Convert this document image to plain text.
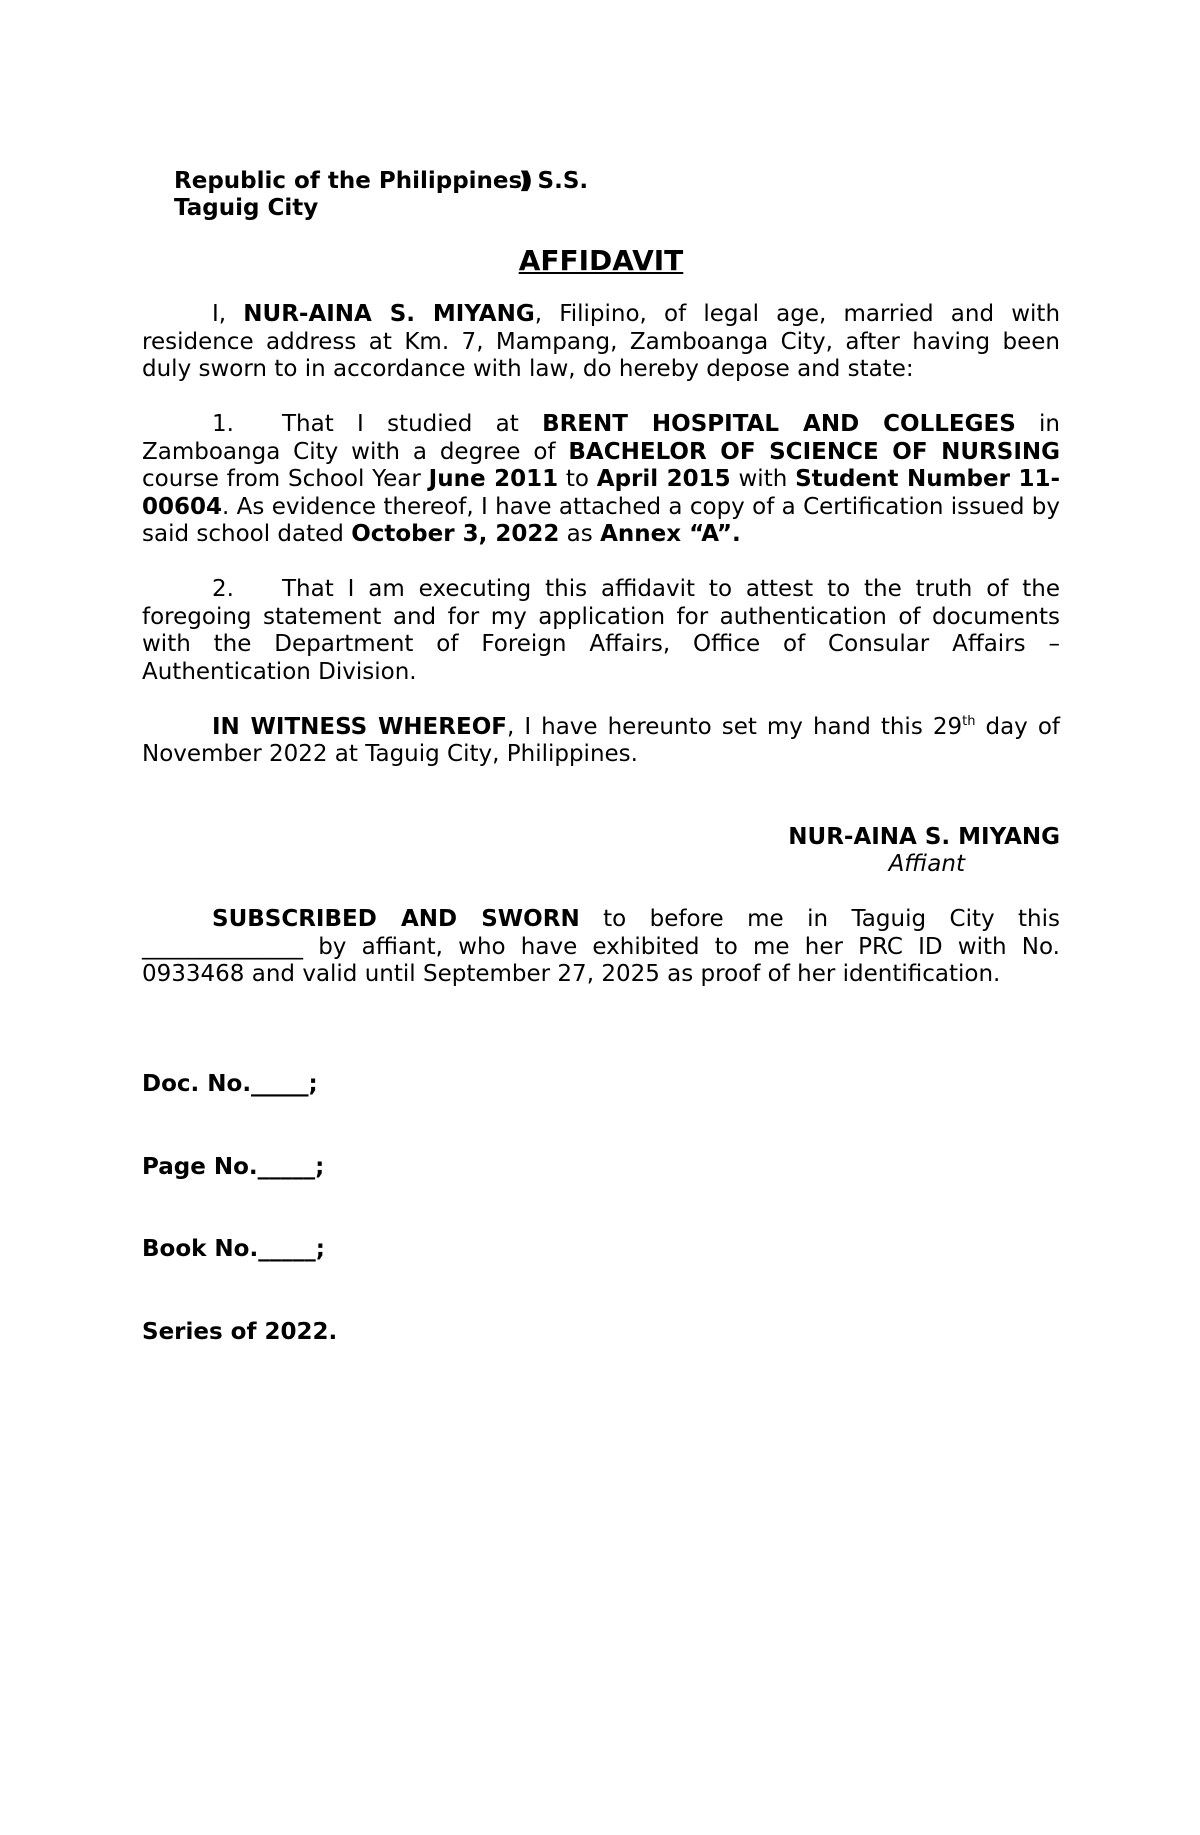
Republic of the Philippines)

Taguig City

) S.S.

AFFIDAVIT

I, NUR-AINA S. MIYANG, Filipino, of legal age, married and with residence address at Km. 7, Mampang, Zamboanga City, after having been duly sworn to in accordance with law, do hereby depose and state:

1. That I studied at BRENT HOSPITAL AND COLLEGES in Zamboanga City with a degree of BACHELOR OF SCIENCE OF NURSING course from School Year June 2011 to April 2015 with Student Number 11-00604. As evidence thereof, I have attached a copy of a Certification issued by said school dated October 3, 2022 as Annex “A”.

2. That I am executing this affidavit to attest to the truth of the foregoing statement and for my application for authentication of documents with the Department of Foreign Affairs, Office of Consular Affairs – Authentication Division.

IN WITNESS WHEREOF, I have hereunto set my hand this 29th day of November 2022 at Taguig City, Philippines.

NUR-AINA S. MIYANG
Affiant

SUBSCRIBED AND SWORN to before me in Taguig City this ______________ by affiant, who have exhibited to me her PRC ID with No. 0933468 and valid until September 27, 2025 as proof of her identification.

Doc. No._____;

Page No._____;

Book No._____;

Series of 2022.
